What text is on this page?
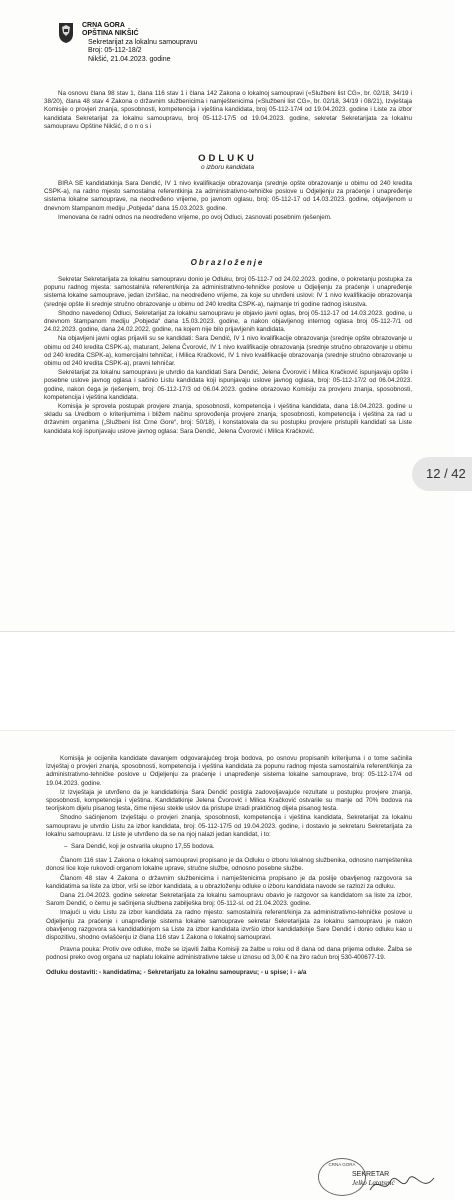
CRNA GORA
OPŠTINA NIKŠIĆ
Sekretarijat za lokalnu samoupravu
Broj: 05-112-18/2
Nikšić, 21.04.2023. godine

Na osnovu člana 98 stav 1, člana 116 stav 1 i člana 142 Zakona o lokalnoj samoupravi («Službeni list CG», br. 02/18, 34/19 i 38/20), člana 48 stav 4 Zakona o državnim službenicima i namještenicima («Službeni list CG», br. 02/18, 34/19 i 08/21), Izvještaja Komisije o provjeri znanja, sposobnosti, kompetencija i vještina kandidata, broj 05-112-17/4 od 19.04.2023. godine i Liste za izbor kandidata Sekretarijat za lokalnu samoupravu, broj 05-112-17/5 od 19.04.2023. godine, sekretar Sekretarijata za lokalnu samoupravu Opštine Nikšić, d o n o s i

ODLUKU
o izboru kandidata

BIRA SE kandidatkinja Sara Dendić, IV 1 nivo kvalifikacije obrazovanja (srednje opšte obrazovanje u obimu od 240 kredita CSPK-a), na radno mjesto samostalna referentkinja za administrativno-tehničke poslove u Odjeljenju za praćenje i unapređenje sistema lokalne samouprave, na neodređeno vrijeme, po javnom oglasu, broj: 05-112-17 od 14.03.2023. godine, objavljenom u dnevnom štampanom mediju „Pobjeda“ dana 15.03.2023. godine.

Imenovana će radni odnos na neodređeno vrijeme, po ovoj Odluci, zasnovati posebnim rješenjem.

Obrazloženje

Sekretar Sekretarijata za lokalnu samoupravu donio je Odluku, broj 05-112-7 od 24.02.2023. godine, o pokretanju postupka za popunu radnog mjesta: samostalni/a referent/kinja za administrativno-tehničke poslove u Odjeljenju za praćenje i unapređenje sistema lokalne samouprave, jedan izvršilac, na neodređeno vrijeme, za koje su utvrđeni uslovi: IV 1 nivo kvalifikacije obrazovanja (srednje opšte ili srednje stručno obrazovanje u obimu od 240 kredita CSPK-a), najmanje tri godine radnog iskustva.

Shodno navedenoj Odluci, Sekretarijat za lokalnu samoupravu je objavio javni oglas, broj 05-112-17 od 14.03.2023. godine, u dnevnom štampanom mediju „Pobjeda“ dana 15.03.2023. godine, a nakon objavljenog internog oglasa broj 05-112-7/1 od 24.02.2023. godine, dana 24.02.2022. godine, na kojem nije bilo prijavljenih kandidata.

Na objavljeni javni oglas prijavili su se kandidati: Sara Dendić, IV 1 nivo kvalifikacije obrazovanja (srednje opšte obrazovanje u obimu od 240 kredita CSPK-a), maturant, Jelena Čvorović, IV 1 nivo kvalifikacije obrazovanja (srednje stručno obrazovanje u obimu od 240 kredita CSPK-a), komercijalni tehničar, i Milica Kračković, IV 1 nivo kvalifikacije obrazovanja (srednje stručno obrazovanje u obimu od 240 kredita CSPK-a), pravni tehničar.

Sekretarijat za lokalnu samoupravu je utvrdio da kandidati Sara Dendić, Jelena Čvorović i Milica Kračković ispunjavaju opšte i posebne uslove javnog oglasa i sačinio Listu kandidata koji ispunjavaju uslove javnog oglasa, broj: 05-112-17/2 od 06.04.2023. godine, nakon čega je rješenjem, broj: 05-112-17/3 od 06.04.2023. godine obrazovao Komisiju za provjeru znanja, sposobnosti, kompetencija i vještina kandidata.

Komisija je sprovela postupak provjere znanja, sposobnosti, kompetencija i vještina kandidata, dana 18.04.2023. godine u skladu sa Uredbom o kriterijumima i bližem načinu sprovođenja provjere znanja, sposobnosti, kompetencija i vještina za rad u državnim organima („Službeni list Crne Gore“, broj: 50/18), i konstatovala da su postupku provjere pristupili kandidati sa Liste kandidata koji ispunjavaju uslove javnog oglasa: Sara Dendić, Jelena Čvorović i Milica Kračković.

12 / 42

Komisija je ocijenila kandidate davanjem odgovarajućeg broja bodova, po osnovu propisanih kriterijuma i o tome sačinila Izvještaj o provjeri znanja, sposobnosti, kompetencija i vještina kandidata za popunu radnog mjesta samostalni/a referent/kinja za administrativno-tehničke poslove u Odjeljenju za praćenje i unapređenje sistema lokalne samouprave, broj: 05-112-17/4 od 19.04.2023. godine.

Iz Izvještaja je utvrđeno da je kandidatkinja Sara Dendić postigla zadovoljavajuće rezultate u postupku provjere znanja, sposobnosti, kompetencija i vještina. Kandidatkinje Jelena Čvorović i Milica Kračković ostvarile su manje od 70% bodova na teorijskom dijelu pisanog testa, čime nijesu stekle uslov da pristupe izradi praktičnog dijela pisanog testa.

Shodno sačinjenom Izvještaju o provjeri znanja, sposobnosti, kompetencija i vještina kandidata, Sekretarijat za lokalnu samoupravu je utvrdio Listu za izbor kandidata, broj: 05-112-17/5 od 19.04.2023. godine, i dostavio je sekretaru Sekretarijata za lokalnu samoupravu. Iz Liste je utvrđeno da se na njoj nalazi jedan kandidat, i to:

–  Sara Dendić, koji je ostvarila ukupno 17,55 bodova.

Članom 116 stav 1 Zakona o lokalnoj samoupravi propisano je da Odluku o izboru lokalnog službenika, odnosno namještenika donosi lice koje rukovodi organom lokalne uprave, stručne službe, odnosno posebne službe.

Članom 48 stav 4 Zakona o državnim službenicima i namještenicima propisano je da poslije obavljenog razgovora sa kandidatima sa liste za izbor, vrši se izbor kandidata, a u obrazloženju odluke o izboru kandidata navode se razlozi za odluku.

Dana 21.04.2023. godine sekretar Sekretarijata za lokalnu samoupravu obavio je razgovor sa kandidatom sa liste za izbor, Sarom Dendić, o čemu je sačinjena službena zabilješka broj: 05-112-sl. od 21.04.2023. godine.

Imajući u vidu Listu za izbor kandidata za radno mjesto: samostalni/a referent/kinja za administrativno-tehničke poslove u Odjeljenju za praćenje i unapređenje sistema lokalne samouprave sekretar Sekretarijata za lokalnu samoupravu je nakon obavljenog razgovora sa kandidatkinjom sa Liste za izbor kandidata izvršio izbor kandidatkinje Sare Dendić i donio odluku kao u dispozitivu, shodno ovlašćenju iz člana 116 stav 1 Zakona o lokalnoj samoupravi.

Pravna pouka: Protiv ove odluke, može se izjaviti žalba Komisiji za žalbe u roku od 8 dana od dana prijema odluke. Žalba se podnosi preko ovog organa uz naplatu lokalne administrativne takse u iznosu od 3,00 € na žiro račun broj 530-400677-19.

Odluku dostaviti: - kandidatima; - Sekretarijatu za lokalnu samoupravu; - u spise; i - a/a

CRNA GORA
SEKRETAR
Jelko Latatsnić
